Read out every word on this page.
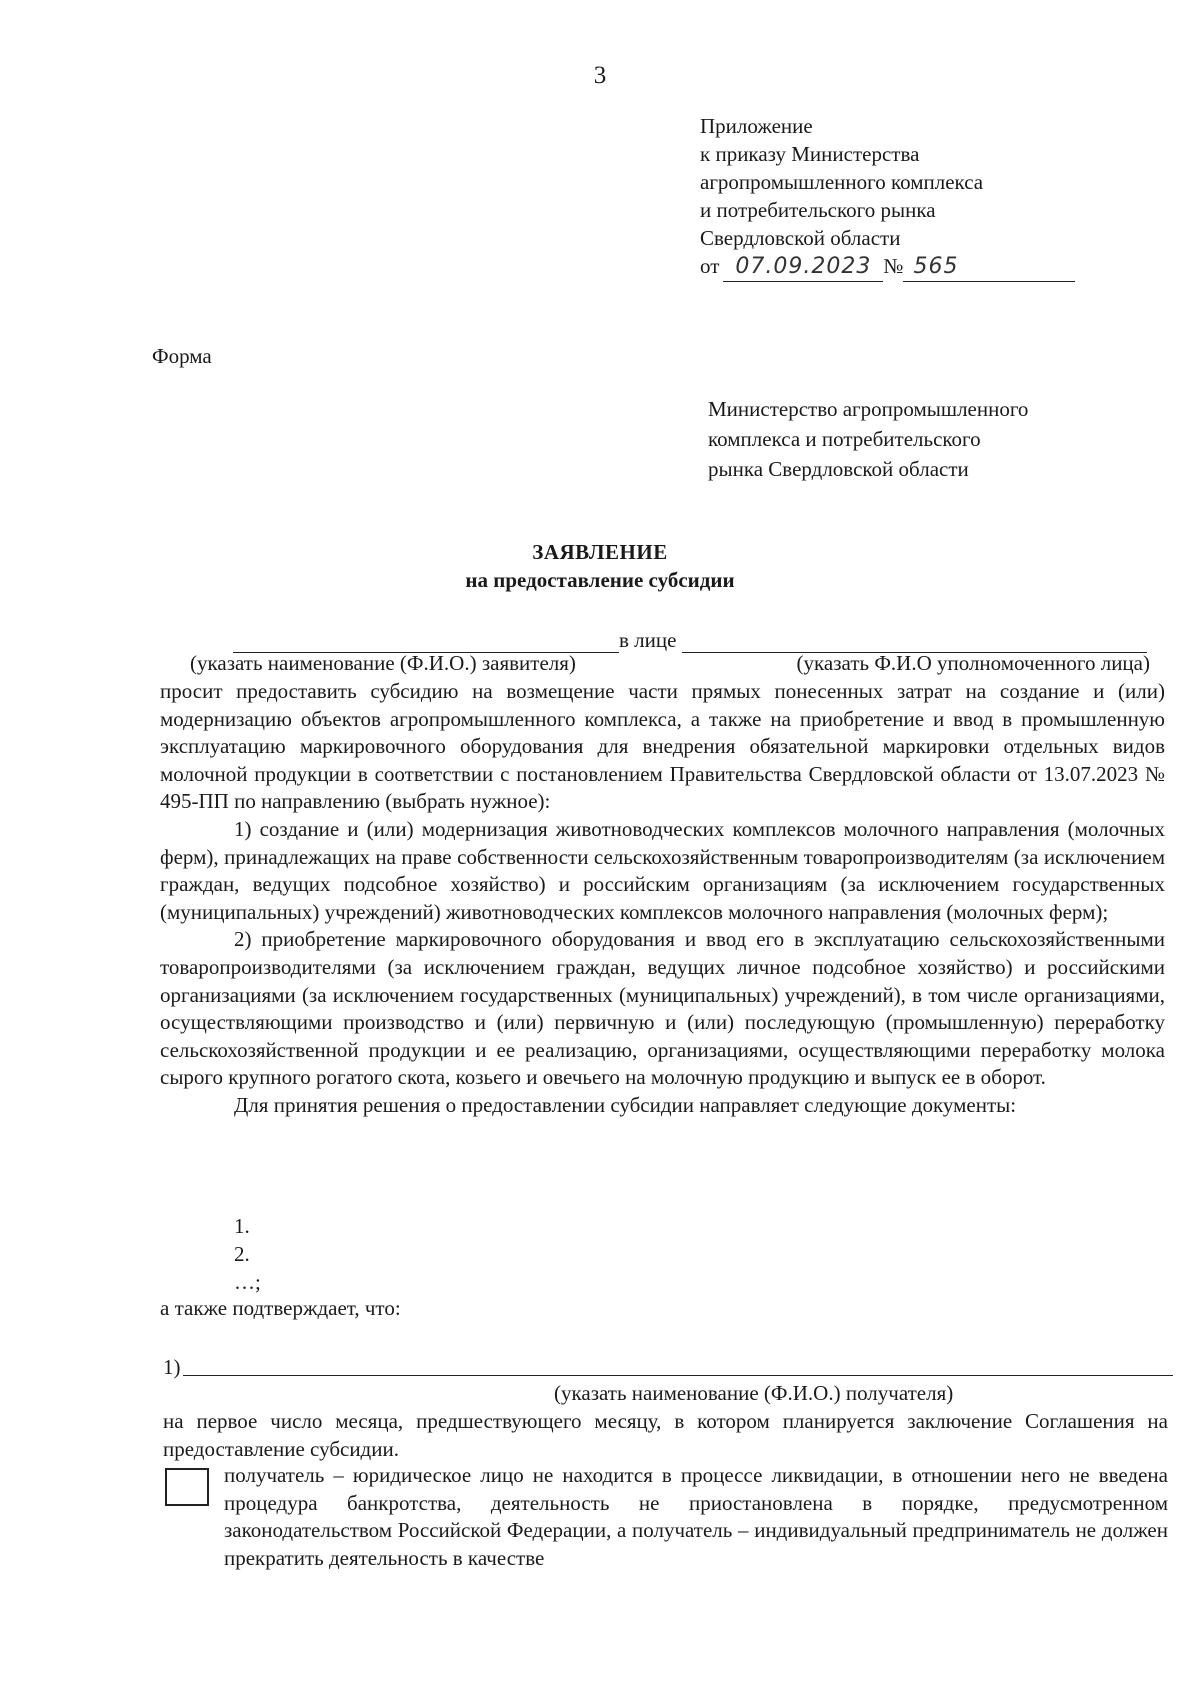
3
Приложение
к приказу Министерства
агропромышленного комплекса
и потребительского рынка
Свердловской области
от 07.09.2023 № 565
Форма
Министерство агропромышленного
комплекса и потребительского
рынка Свердловской области
ЗАЯВЛЕНИЕ
на предоставление субсидии
в лице
(указать наименование (Ф.И.О.) заявителя)	(указать Ф.И.О уполномоченного лица)

просит предоставить субсидию на возмещение части прямых понесенных затрат на создание и (или) модернизацию объектов агропромышленного комплекса, а также на приобретение и ввод в промышленную эксплуатацию маркировочного оборудования для внедрения обязательной маркировки отдельных видов молочной продукции в соответствии с постановлением Правительства Свердловской области от 13.07.2023 № 495-ПП по направлению (выбрать нужное):

1) создание и (или) модернизация животноводческих комплексов молочного направления (молочных ферм), принадлежащих на праве собственности сельскохозяйственным товаропроизводителям (за исключением граждан, ведущих подсобное хозяйство) и российским организациям (за исключением государственных (муниципальных) учреждений) животноводческих комплексов молочного направления (молочных ферм);

2) приобретение маркировочного оборудования и ввод его в эксплуатацию сельскохозяйственными товаропроизводителями (за исключением граждан, ведущих личное подсобное хозяйство) и российскими организациями (за исключением государственных (муниципальных) учреждений), в том числе организациями, осуществляющими производство и (или) первичную и (или) последующую (промышленную) переработку сельскохозяйственной продукции и ее реализацию, организациями, осуществляющими переработку молока сырого крупного рогатого скота, козьего и овечьего на молочную продукцию и выпуск ее в оборот.

Для принятия решения о предоставлении субсидии направляет следующие документы:

1.
2.
…;
а также подтверждает, что:
1)
(указать наименование (Ф.И.О.) получателя)
на первое число месяца, предшествующего месяцу, в котором планируется заключение Соглашения на предоставление субсидии.
получатель – юридическое лицо не находится в процессе ликвидации, в отношении него не введена процедура банкротства, деятельность не приостановлена в порядке, предусмотренном законодательством Российской Федерации, а получатель – индивидуальный предприниматель не должен прекратить деятельность в качестве
